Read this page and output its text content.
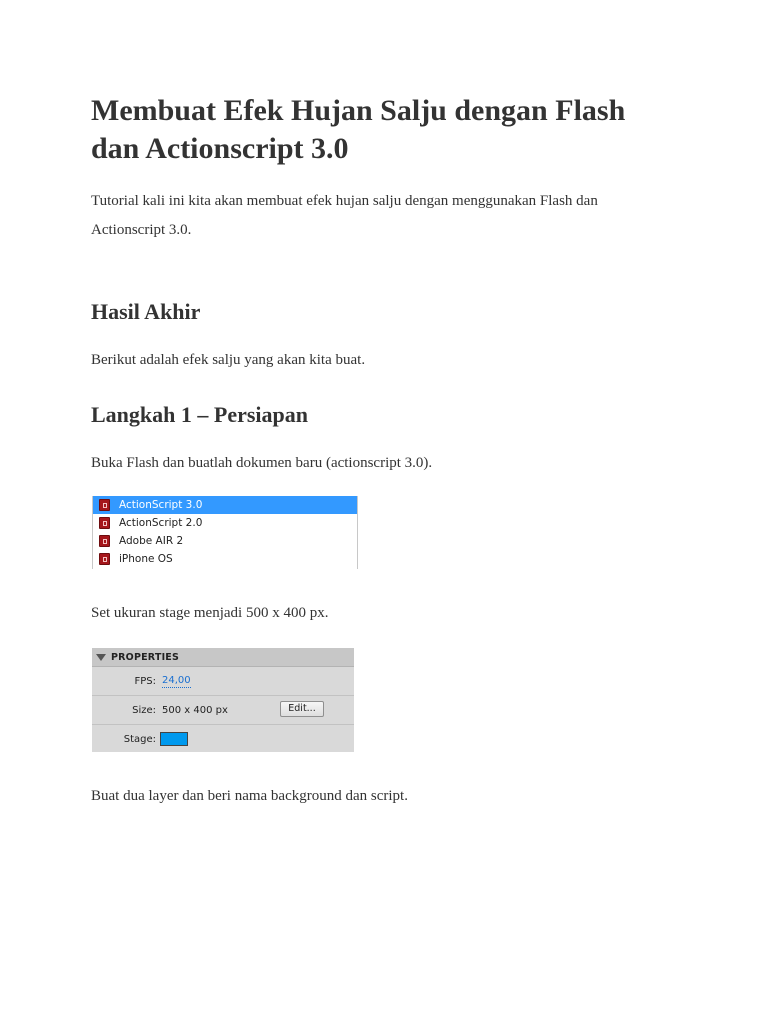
Membuat Efek Hujan Salju dengan Flash dan Actionscript 3.0

Tutorial kali ini kita akan membuat efek hujan salju dengan menggunakan Flash dan Actionscript 3.0.

Hasil Akhir

Berikut adalah efek salju yang akan kita buat.

Langkah 1 – Persiapan

Buka Flash dan buatlah dokumen baru (actionscript 3.0).

Set ukuran stage menjadi 500 x 400 px.

Buat dua layer dan beri nama background dan script.

ActionScript 3.0
ActionScript 2.0
Adobe AIR 2
iPhone OS
PROPERTIES
FPS: 24,00
Size: 500 x 400 px	Edit...
Stage:
